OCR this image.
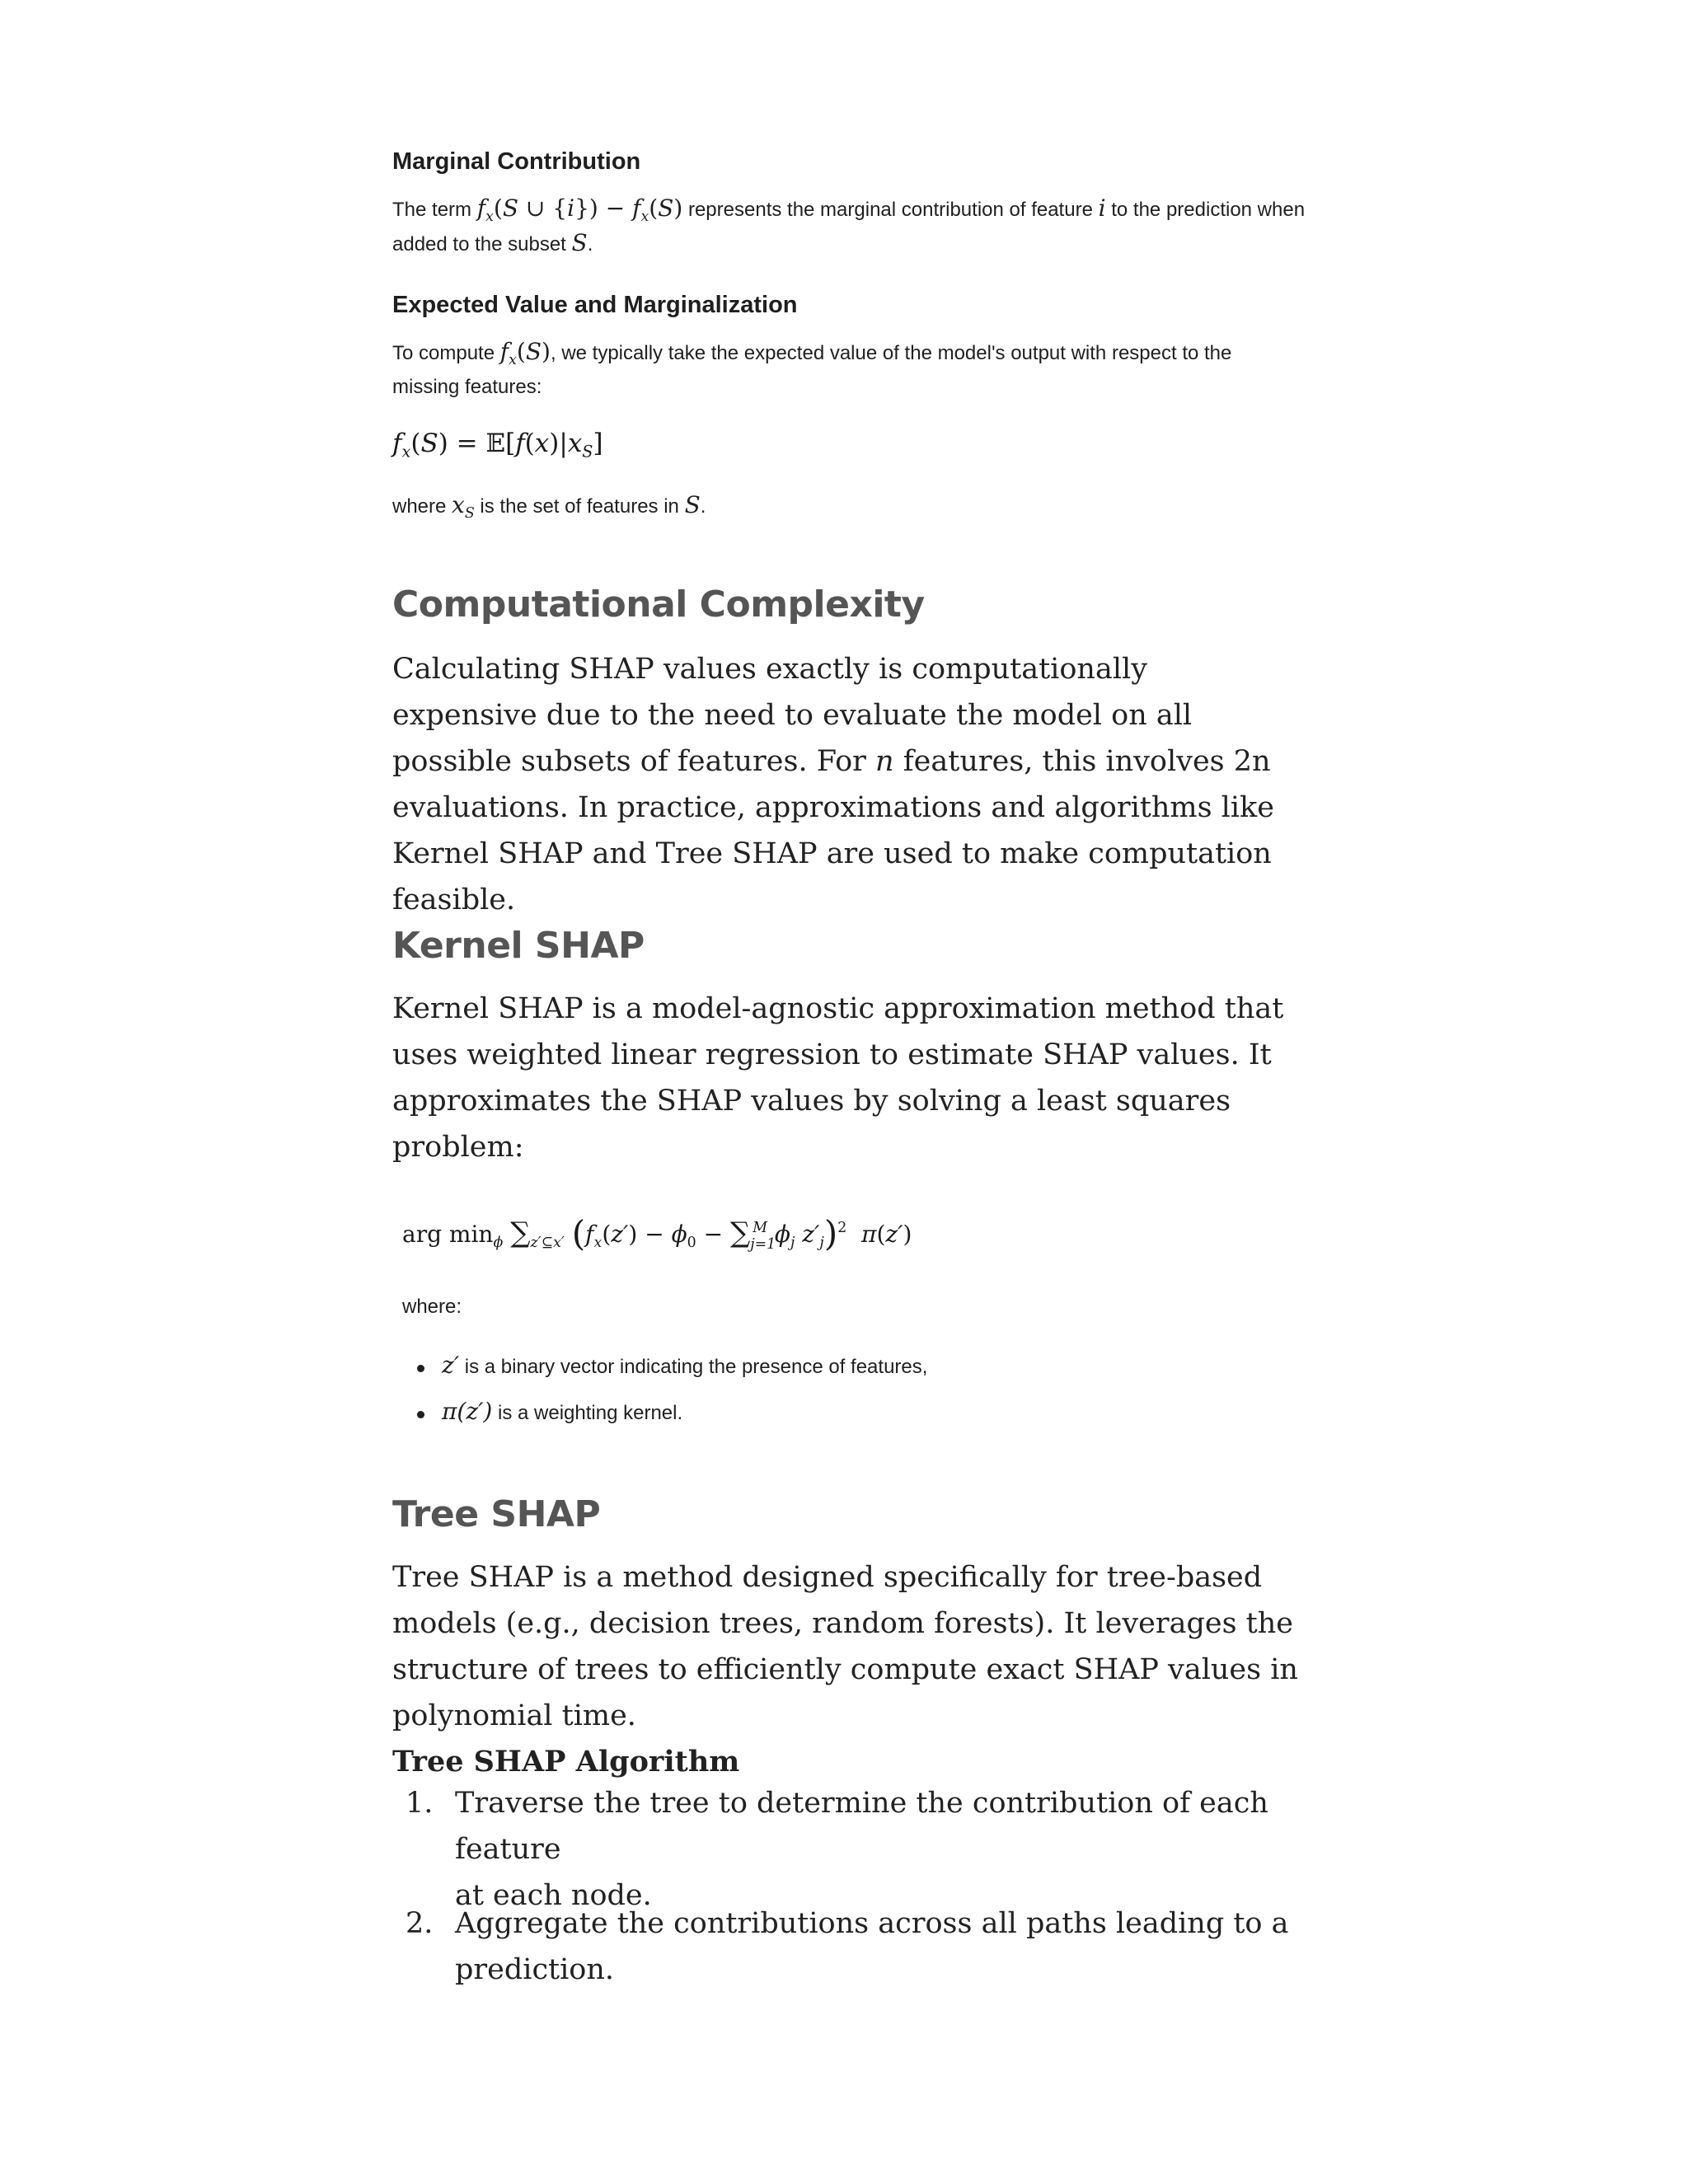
Marginal Contribution
The term $f_x(S$ ∪ $\{i\}) - f_x(S)$ represents the marginal contribution of feature i to the prediction when
added to the subset S.
Expected Value and Marginalization
To compute $f_x(S)$, we typically take the expected value of the model's output with respect to the
missing features:
$f_x(S)$ = $𝔼[f(x)|x_S]$
where $x_S$ is the set of features in S.
Computational Complexity
Calculating SHAP values exactly is computationally expensive due to the need to evaluate the model on all possible subsets of features. For n features, this involves 2n evaluations. In practice, approximations and algorithms like Kernel SHAP and Tree SHAP are used to make computation feasible.
Kernel SHAP
Kernel SHAP is a model-agnostic approximation method that uses weighted linear regression to estimate SHAP values. It approximates the SHAP values by solving a least squares problem:
arg $\min_\phi \sum_{z'⊆x'}$ ($f_x(z') - \phi_0 - \sum_{j=1}^M$ $\phi_j$ $z'_j)^2$  π(z′)
where:
z′ is a binary vector indicating the presence of features,
π(z′) is a weighting kernel.
Tree SHAP
Tree SHAP is a method designed specifically for tree-based models (e.g., decision trees, random forests). It leverages the structure of trees to efficiently compute exact SHAP values in polynomial time.
Tree SHAP Algorithm
1. Traverse the tree to determine the contribution of each feature
at each node.
2. Aggregate the contributions across all paths leading to a
prediction.
